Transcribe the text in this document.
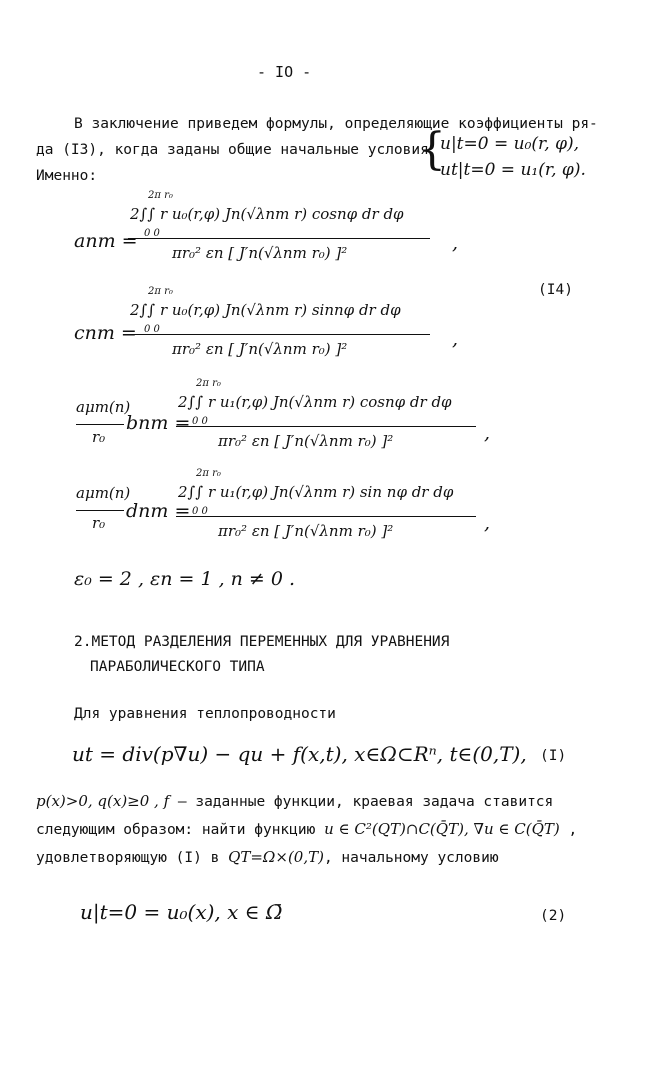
- IO -
В заключение приведем формулы, определяющие коэффициенты ря-
да (I3), когда заданы общие начальные условия
Именно:
{
u|t=0 = u₀(r, φ),
ut|t=0 = u₁(r, φ).
anm =
2π r₀
2∫∫ r u₀(r,φ) Jn(√λnm r) cosnφ dr dφ
0 0
πr₀² εn [ J′n(√λnm r₀) ]²	,
(I4)
cnm =
2π r₀
2∫∫ r u₀(r,φ) Jn(√λnm r) sinnφ dr dφ
0 0
πr₀² εn [ J′n(√λnm r₀) ]²	,
aμm(n)
r₀
bnm =
2π r₀
2∫∫ r u₁(r,φ) Jn(√λnm r) cosnφ dr dφ
0 0
πr₀² εn [ J′n(√λnm r₀) ]²	,
aμm(n)
r₀
dnm =
2π r₀
2∫∫ r u₁(r,φ) Jn(√λnm r) sin nφ dr dφ
0 0
πr₀² εn [ J′n(√λnm r₀) ]²	,
ε₀ = 2 , εn = 1 , n ≠ 0 .
2.МЕТОД РАЗДЕЛЕНИЯ ПЕРЕМЕННЫХ ДЛЯ УРАВНЕНИЯ
ПАРАБОЛИЧЕСКОГО ТИПА
Для уравнения теплопроводности
ut = div(p∇u) − qu + f(x,t), x∈Ω⊂Rⁿ, t∈(0,T), (I)
p(x)>0, q(x)≥0 , f – заданные функции, краевая задача ставится
следующим образом: найти функцию u ∈ C²(QT)∩C(Q̄T), ∇u ∈ C(Q̄T) ,
удовлетворяющую (I) в QT=Ω×(0,T), начальному условию
u|t=0 = u₀(x), x ∈ Ω̄	(2)
